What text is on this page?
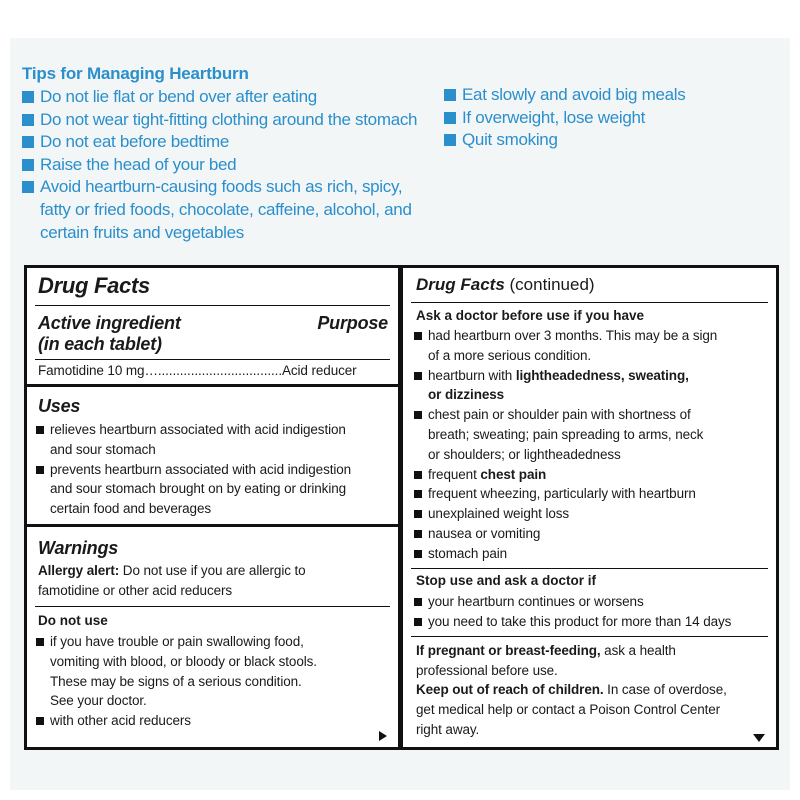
Tips for Managing Heartburn
Do not lie flat or bend over after eating
Do not wear tight-fitting clothing around the stomach
Do not eat before bedtime
Raise the head of your bed
Avoid heartburn-causing foods such as rich, spicy,
fatty or fried foods, chocolate, caffeine, alcohol, and
certain fruits and vegetables
Eat slowly and avoid big meals
If overweight, lose weight
Quit smoking
Drug Facts
Active ingredient
(in each tablet)
Purpose
Famotidine 10 mg…..................................Acid reducer
Uses
relieves heartburn associated with acid indigestion
and sour stomach
prevents heartburn associated with acid indigestion
and sour stomach brought on by eating or drinking
certain food and beverages
Warnings
Allergy alert: Do not use if you are allergic to
famotidine or other acid reducers
Do not use
if you have trouble or pain swallowing food,
vomiting with blood, or bloody or black stools.
These may be signs of a serious condition.
See your doctor.
with other acid reducers
Drug Facts (continued)
Ask a doctor before use if you have
had heartburn over 3 months. This may be a sign
of a more serious condition.
heartburn with lightheadedness, sweating,
or dizziness
chest pain or shoulder pain with shortness of
breath; sweating; pain spreading to arms, neck
or shoulders; or lightheadedness
frequent chest pain
frequent wheezing, particularly with heartburn
unexplained weight loss
nausea or vomiting
stomach pain
Stop use and ask a doctor if
your heartburn continues or worsens
you need to take this product for more than 14 days
If pregnant or breast-feeding, ask a health
professional before use.
Keep out of reach of children. In case of overdose,
get medical help or contact a Poison Control Center
right away.
